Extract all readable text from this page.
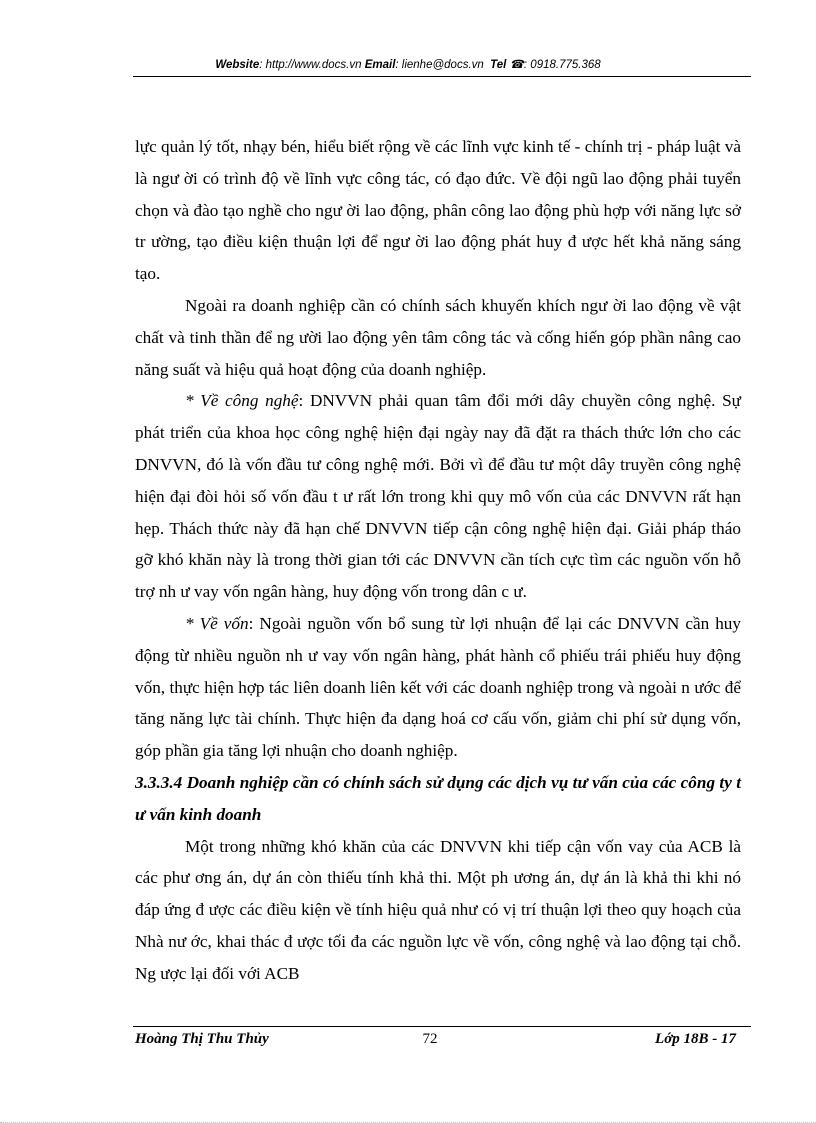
Website: http://www.docs.vn Email: lienhe@docs.vn Tel ☎: 0918.775.368

lực quản lý tốt, nhạy bén, hiểu biết rộng về các lĩnh vực kinh tế - chính trị - pháp luật và là ngư ời có trình độ về lĩnh vực công tác, có đạo đức. Về đội ngũ lao động phải tuyển chọn và đào tạo nghề cho ngư ời lao động, phân công lao động phù hợp với năng lực sở tr ường, tạo điều kiện thuận lợi để ngư ời lao động phát huy đ ược hết khả năng sáng tạo.

Ngoài ra doanh nghiệp cần có chính sách khuyến khích ngư ời lao động về vật chất và tinh thần để ng ười lao động yên tâm công tác và cống hiến góp phần nâng cao năng suất và hiệu quả hoạt động của doanh nghiệp.

* Về công nghệ: DNVVN phải quan tâm đổi mới dây chuyền công nghệ. Sự phát triển của khoa học công nghệ hiện đại ngày nay đã đặt ra thách thức lớn cho các DNVVN, đó là vốn đầu tư công nghệ mới. Bởi vì để đầu tư một dây truyền công nghệ hiện đại đòi hỏi số vốn đầu t ư rất lớn trong khi quy mô vốn của các DNVVN rất hạn hẹp. Thách thức này đã hạn chế DNVVN tiếp cận công nghệ hiện đại. Giải pháp tháo gỡ khó khăn này là trong thời gian tới các DNVVN cần tích cực tìm các nguồn vốn hỗ trợ nh ư vay vốn ngân hàng, huy động vốn trong dân c ư.

* Về vốn: Ngoài nguồn vốn bổ sung từ lợi nhuận để lại các DNVVN cần huy động từ nhiều nguồn nh ư vay vốn ngân hàng, phát hành cổ phiếu trái phiếu huy động vốn, thực hiện hợp tác liên doanh liên kết với các doanh nghiệp trong và ngoài n ước để tăng năng lực tài chính. Thực hiện đa dạng hoá cơ cấu vốn, giảm chi phí sử dụng vốn, góp phần gia tăng lợi nhuận cho doanh nghiệp.

3.3.3.4 Doanh nghiệp cần có chính sách sử dụng các dịch vụ tư vấn của các công ty t ư vấn kinh doanh

Một trong những khó khăn của các DNVVN khi tiếp cận vốn vay của ACB là các phư ơng án, dự án còn thiếu tính khả thi. Một ph ương án, dự án là khả thi khi nó đáp ứng đ ược các điều kiện về tính hiệu quả như có vị trí thuận lợi theo quy hoạch của Nhà nư ớc, khai thác đ ược tối đa các nguồn lực về vốn, công nghệ và lao động tại chỗ. Ng ược lại đối với ACB

Hoàng Thị Thu Thủy	72	Lớp 18B - 17
